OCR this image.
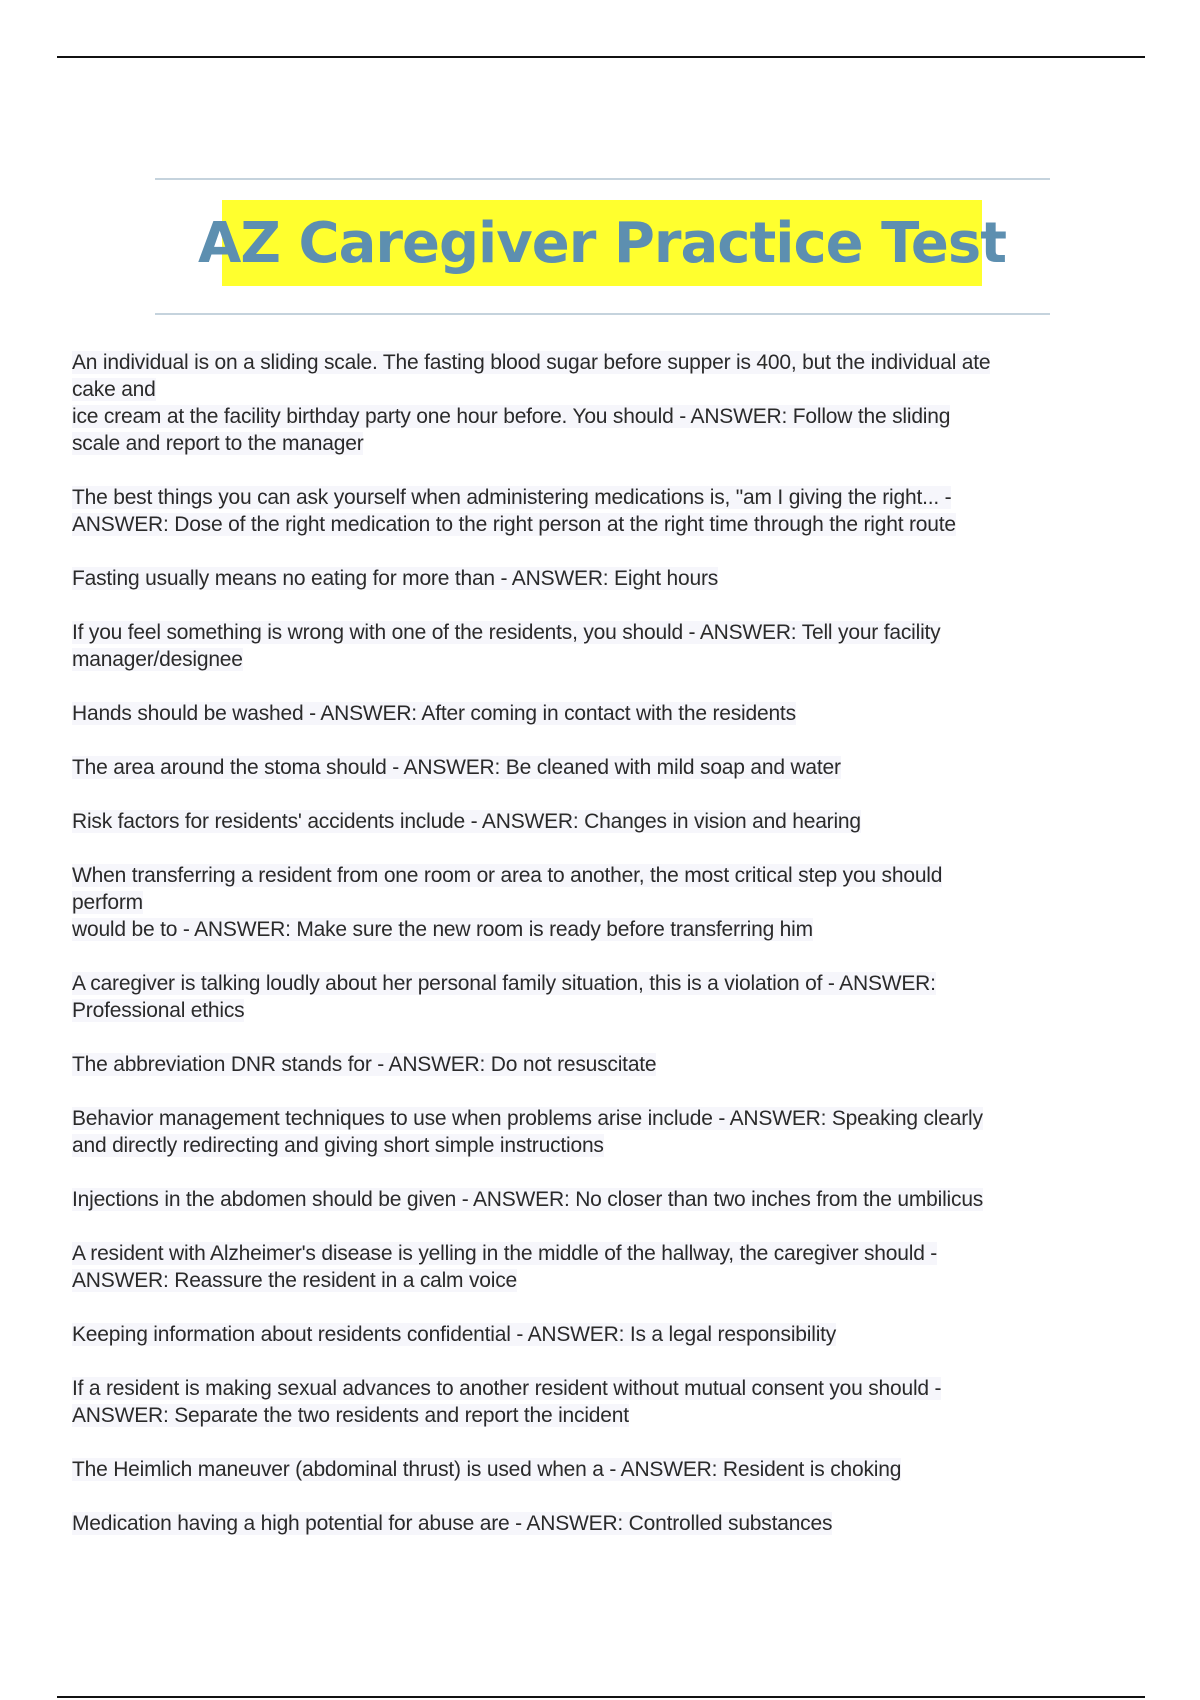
AZ Caregiver Practice Test
An individual is on a sliding scale. The fasting blood sugar before supper is 400, but the individual ate
cake and
ice cream at the facility birthday party one hour before. You should - ANSWER: Follow the sliding
scale and report to the manager
The best things you can ask yourself when administering medications is, "am I giving the right... -
ANSWER: Dose of the right medication to the right person at the right time through the right route
Fasting usually means no eating for more than - ANSWER: Eight hours
If you feel something is wrong with one of the residents, you should - ANSWER: Tell your facility
manager/designee
Hands should be washed - ANSWER: After coming in contact with the residents
The area around the stoma should - ANSWER: Be cleaned with mild soap and water
Risk factors for residents' accidents include - ANSWER: Changes in vision and hearing
When transferring a resident from one room or area to another, the most critical step you should
perform
would be to - ANSWER: Make sure the new room is ready before transferring him
A caregiver is talking loudly about her personal family situation, this is a violation of - ANSWER:
Professional ethics
The abbreviation DNR stands for - ANSWER: Do not resuscitate
Behavior management techniques to use when problems arise include - ANSWER: Speaking clearly
and directly redirecting and giving short simple instructions
Injections in the abdomen should be given - ANSWER: No closer than two inches from the umbilicus
A resident with Alzheimer's disease is yelling in the middle of the hallway, the caregiver should -
ANSWER: Reassure the resident in a calm voice
Keeping information about residents confidential - ANSWER: Is a legal responsibility
If a resident is making sexual advances to another resident without mutual consent you should -
ANSWER: Separate the two residents and report the incident
The Heimlich maneuver (abdominal thrust) is used when a - ANSWER: Resident is choking
Medication having a high potential for abuse are - ANSWER: Controlled substances
